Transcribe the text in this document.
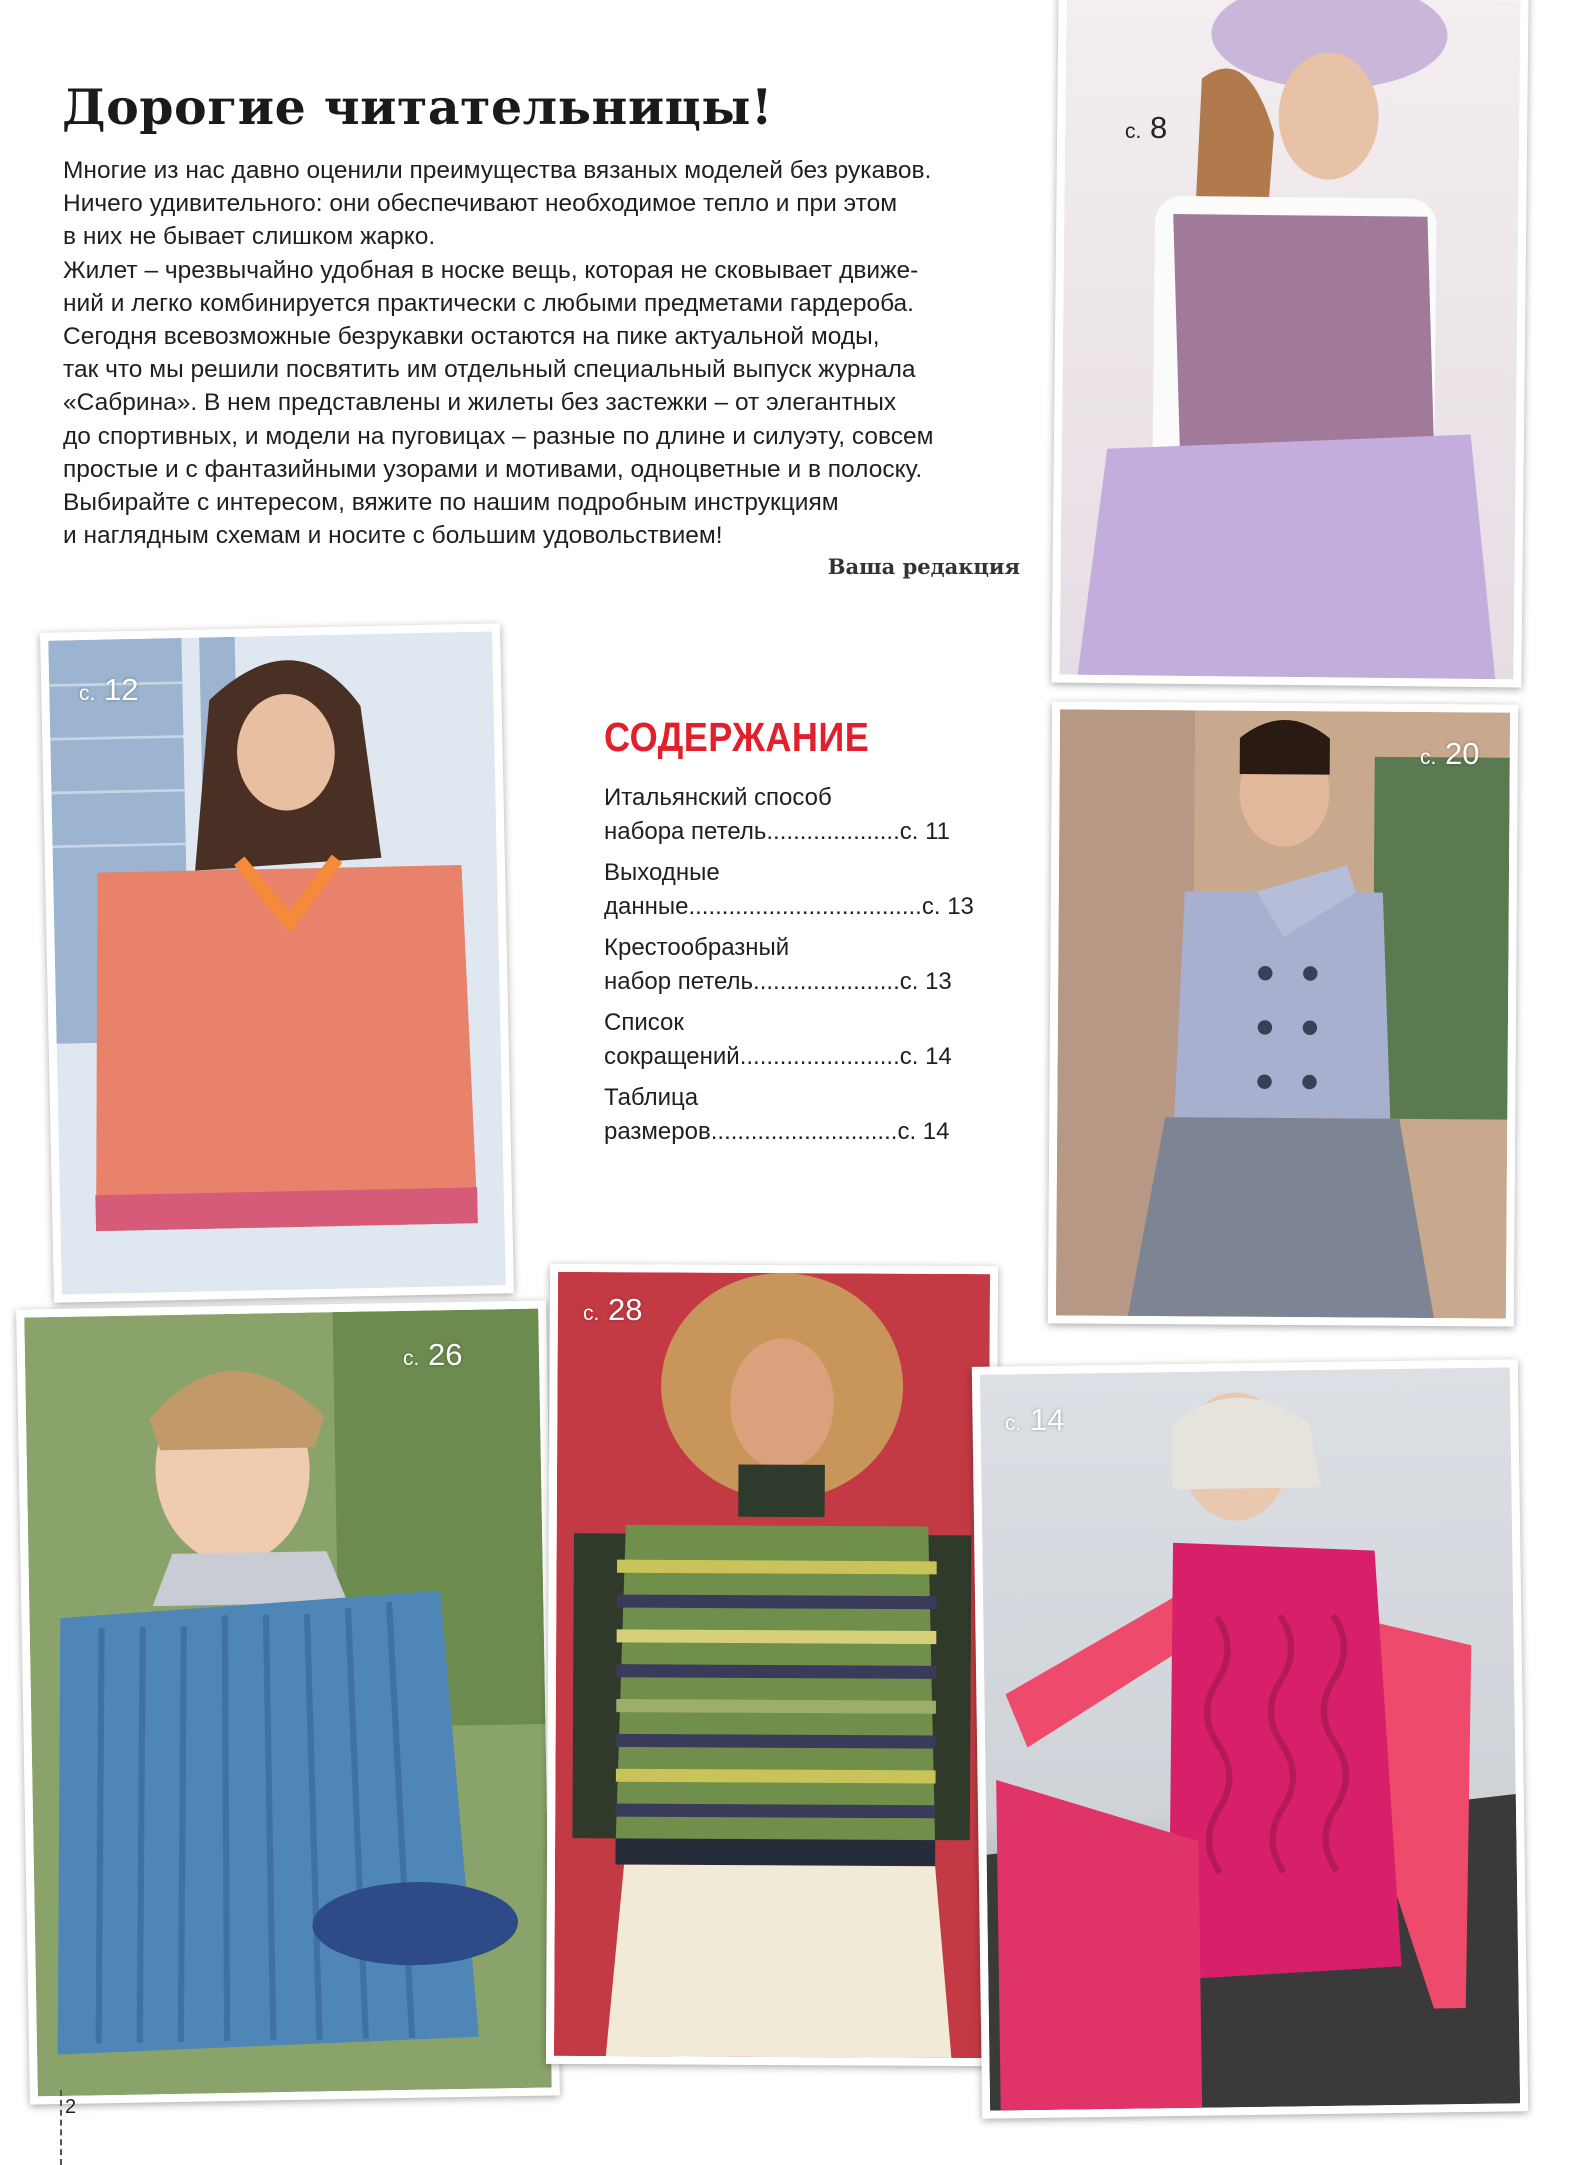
Дорогие читательницы!
Многие из нас давно оценили преимущества вязаных моделей без рукавов.
Ничего удивительного: они обеспечивают необходимое тепло и при этом
в них не бывает слишком жарко.
Жилет – чрезвычайно удобная в носке вещь, которая не сковывает движе-
ний и легко комбинируется практически с любыми предметами гардероба.
Сегодня всевозможные безрукавки остаются на пике актуальной моды,
так что мы решили посвятить им отдельный специальный выпуск журнала
«Сабрина». В нем представлены и жилеты без застежки – от элегантных
до спортивных, и модели на пуговицах – разные по длине и силуэту, совсем
простые и с фантазийными узорами и мотивами, одноцветные и в полоску.
Выбирайте с интересом, вяжите по нашим подробным инструкциям
и наглядным схемам и носите с большим удовольствием!
Ваша редакция
СОДЕРЖАНИЕ
Итальянский способ
набора петель....................с. 11
Выходные
данные...................................с. 13
Крестообразный
набор петель......................с. 13
Список
сокращений........................с. 14
Таблица
размеров............................с. 14
с. 8
с. 12
с. 20
с. 26
с. 28
с. 14
2
